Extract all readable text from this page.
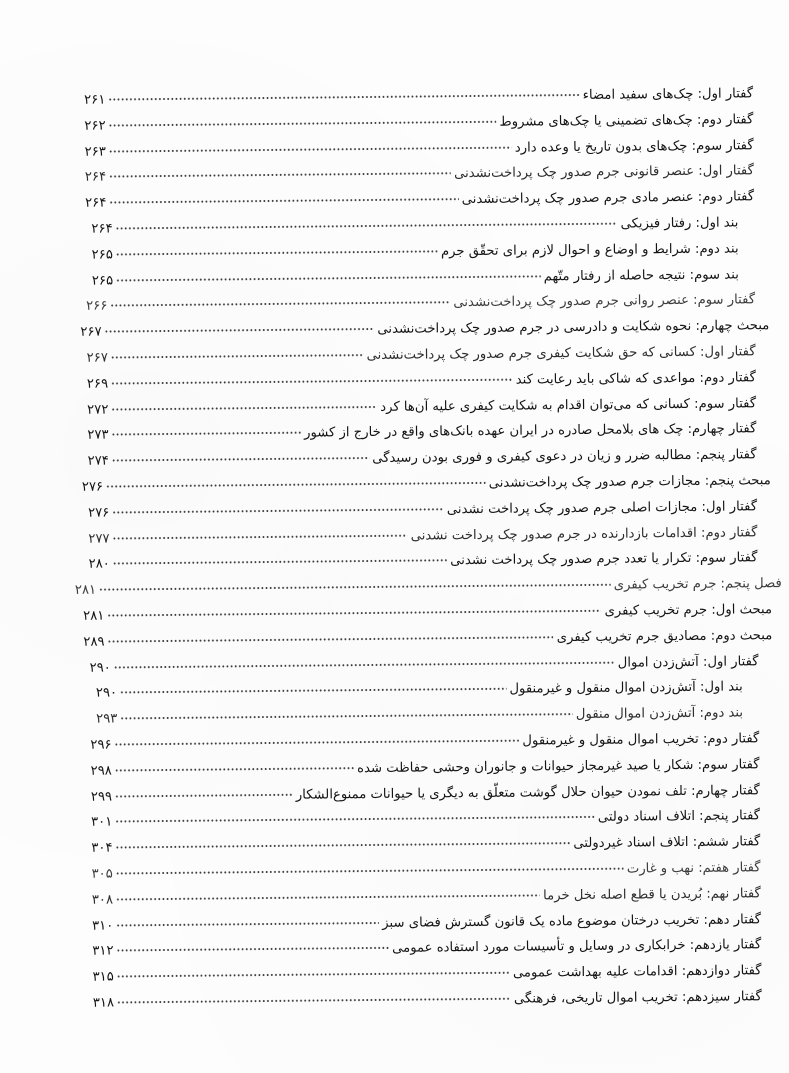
گفتار اول: چک‌های سفید امضاء
۲۶۱
گفتار دوم: چک‌های تضمینی یا چک‌های مشروط
۲۶۲
گفتار سوم: چک‌های بدون تاریخ یا وعده دارد
۲۶۳
گفتار اول: عنصر قانونی جرم صدور چک پرداخت‌نشدنی
۲۶۴
گفتار دوم: عنصر مادی جرم صدور چک پرداخت‌نشدنی
۲۶۴
بند اول: رفتار فیزیکی
۲۶۴
بند دوم: شرایط و اوضاع و احوال لازم برای تحقّق جرم
۲۶۵
بند سوم: نتیجه حاصله از رفتار متّهم
۲۶۵
گفتار سوم: عنصر روانی جرم صدور چک پرداخت‌نشدنی
۲۶۶
مبحث چهارم: نحوه شکایت و دادرسی در جرم صدور چک پرداخت‌نشدنی
۲۶۷
گفتار اول: کسانی که حق شکایت کیفری جرم صدور چک پرداخت‌نشدنی
۲۶۷
گفتار دوم: مواعدی که شاکی باید رعایت کند
۲۶۹
گفتار سوم: کسانی که می‌توان اقدام به شکایت کیفری علیه آن‌ها کرد
۲۷۲
گفتار چهارم: چک های بلامحل صادره در ایران عهده بانک‌های واقع در خارج از کشور
۲۷۳
گفتار پنجم: مطالبه ضرر و زیان در دعوی کیفری و فوری بودن رسیدگی
۲۷۴
مبحث پنجم: مجازات جرم صدور چک پرداخت‌نشدنی
۲۷۶
گفتار اول: مجازات اصلی جرم صدور چک پرداخت نشدنی
۲۷۶
گفتار دوم: اقدامات بازدارنده در جرم صدور چک پرداخت نشدنی
۲۷۷
گفتار سوم: تکرار یا تعدد جرم صدور چک پرداخت نشدنی
۲۸۰
فصل پنجم: جرم تخریب کیفری
۲۸۱
مبحث اول: جرم تخریب کیفری
۲۸۱
مبحث دوم: مصادیق جرم تخریب کیفری
۲۸۹
گفتار اول: آتش‌زدن اموال
۲۹۰
بند اول: آتش‌زدن اموال منقول و غیرمنقول
۲۹۰
بند دوم: آتش‌زدن اموال منقول
۲۹۳
گفتار دوم: تخریب اموال منقول و غیرمنقول
۲۹۶
گفتار سوم: شکار یا صید غیرمجاز حیوانات و جانوران وحشی حفاظت شده
۲۹۸
گفتار چهارم: تلف نمودن حیوان حلال گوشت متعلّق به دیگری یا حیوانات ممنوع‌الشکار
۲۹۹
گفتار پنجم: اتلاف اسناد دولتی
۳۰۱
گفتار ششم: اتلاف اسناد غیردولتی
۳۰۴
گفتار هفتم: نهب و غارت
۳۰۵
گفتار نهم: بُریدن یا قطع اصله نخل خرما
۳۰۸
گفتار دهم: تخریب درختان موضوع ماده یک قانون گسترش فضای سبز
۳۱۰
گفتار یازدهم: خرابکاری در وسایل و تأسیسات مورد استفاده عمومی
۳۱۲
گفتار دوازدهم: اقدامات علیه بهداشت عمومی
۳۱۵
گفتار سیزدهم: تخریب اموال تاریخی، فرهنگی
۳۱۸
